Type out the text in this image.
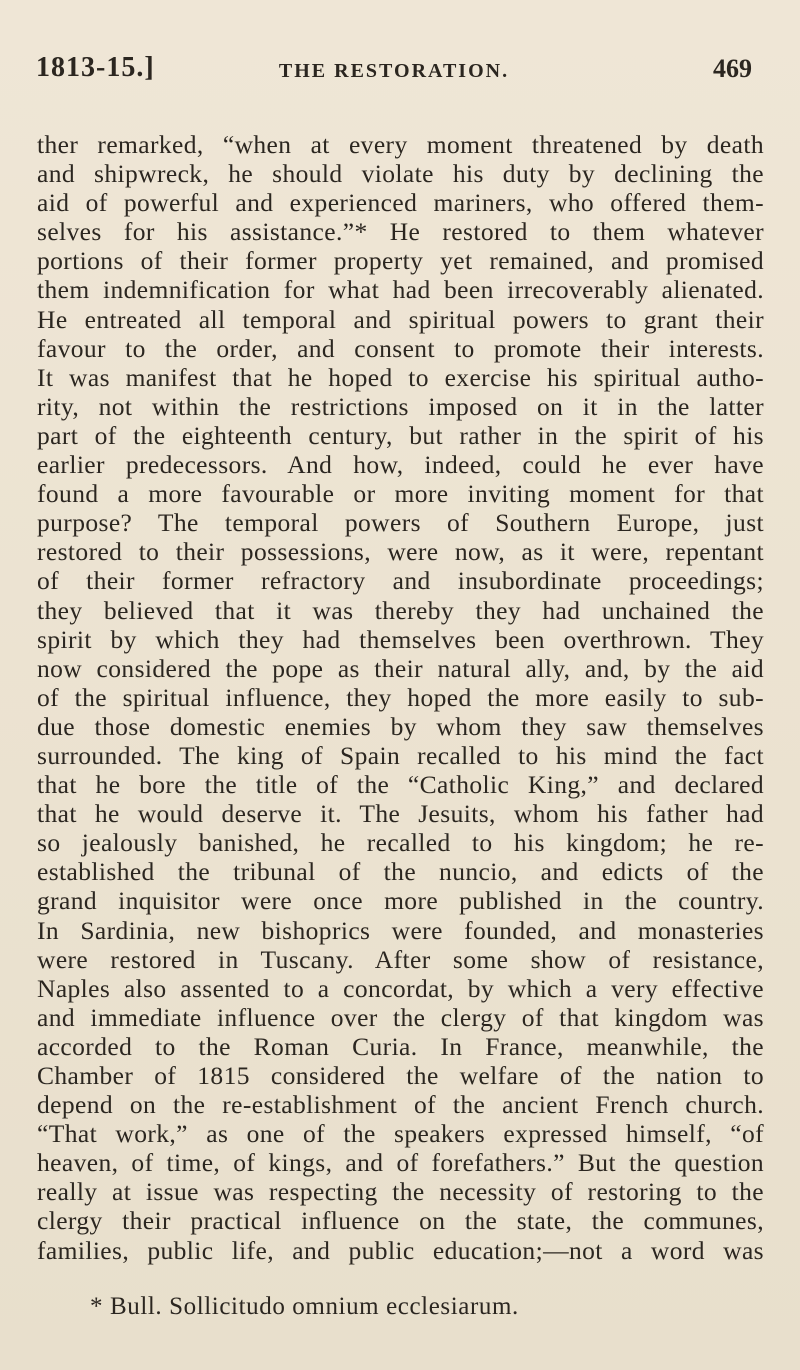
1813-15.]	THE RESTORATION.	469
ther remarked, “when at every moment threatened by death
and shipwreck, he should violate his duty by declining the
aid of powerful and experienced mariners, who offered them-
selves for his assistance.”* He restored to them whatever
portions of their former property yet remained, and promised
them indemnification for what had been irrecoverably alienated.
He entreated all temporal and spiritual powers to grant their
favour to the order, and consent to promote their interests.
It was manifest that he hoped to exercise his spiritual autho-
rity, not within the restrictions imposed on it in the latter
part of the eighteenth century, but rather in the spirit of his
earlier predecessors. And how, indeed, could he ever have
found a more favourable or more inviting moment for that
purpose? The temporal powers of Southern Europe, just
restored to their possessions, were now, as it were, repentant
of their former refractory and insubordinate proceedings;
they believed that it was thereby they had unchained the
spirit by which they had themselves been overthrown. They
now considered the pope as their natural ally, and, by the aid
of the spiritual influence, they hoped the more easily to sub-
due those domestic enemies by whom they saw themselves
surrounded. The king of Spain recalled to his mind the fact
that he bore the title of the “Catholic King,” and declared
that he would deserve it. The Jesuits, whom his father had
so jealously banished, he recalled to his kingdom; he re-
established the tribunal of the nuncio, and edicts of the
grand inquisitor were once more published in the country.
In Sardinia, new bishoprics were founded, and monasteries
were restored in Tuscany. After some show of resistance,
Naples also assented to a concordat, by which a very effective
and immediate influence over the clergy of that kingdom was
accorded to the Roman Curia. In France, meanwhile, the
Chamber of 1815 considered the welfare of the nation to
depend on the re-establishment of the ancient French church.
“That work,” as one of the speakers expressed himself, “of
heaven, of time, of kings, and of forefathers.” But the question
really at issue was respecting the necessity of restoring to the
clergy their practical influence on the state, the communes,
families, public life, and public education;—not a word was
* Bull. Sollicitudo omnium ecclesiarum.
